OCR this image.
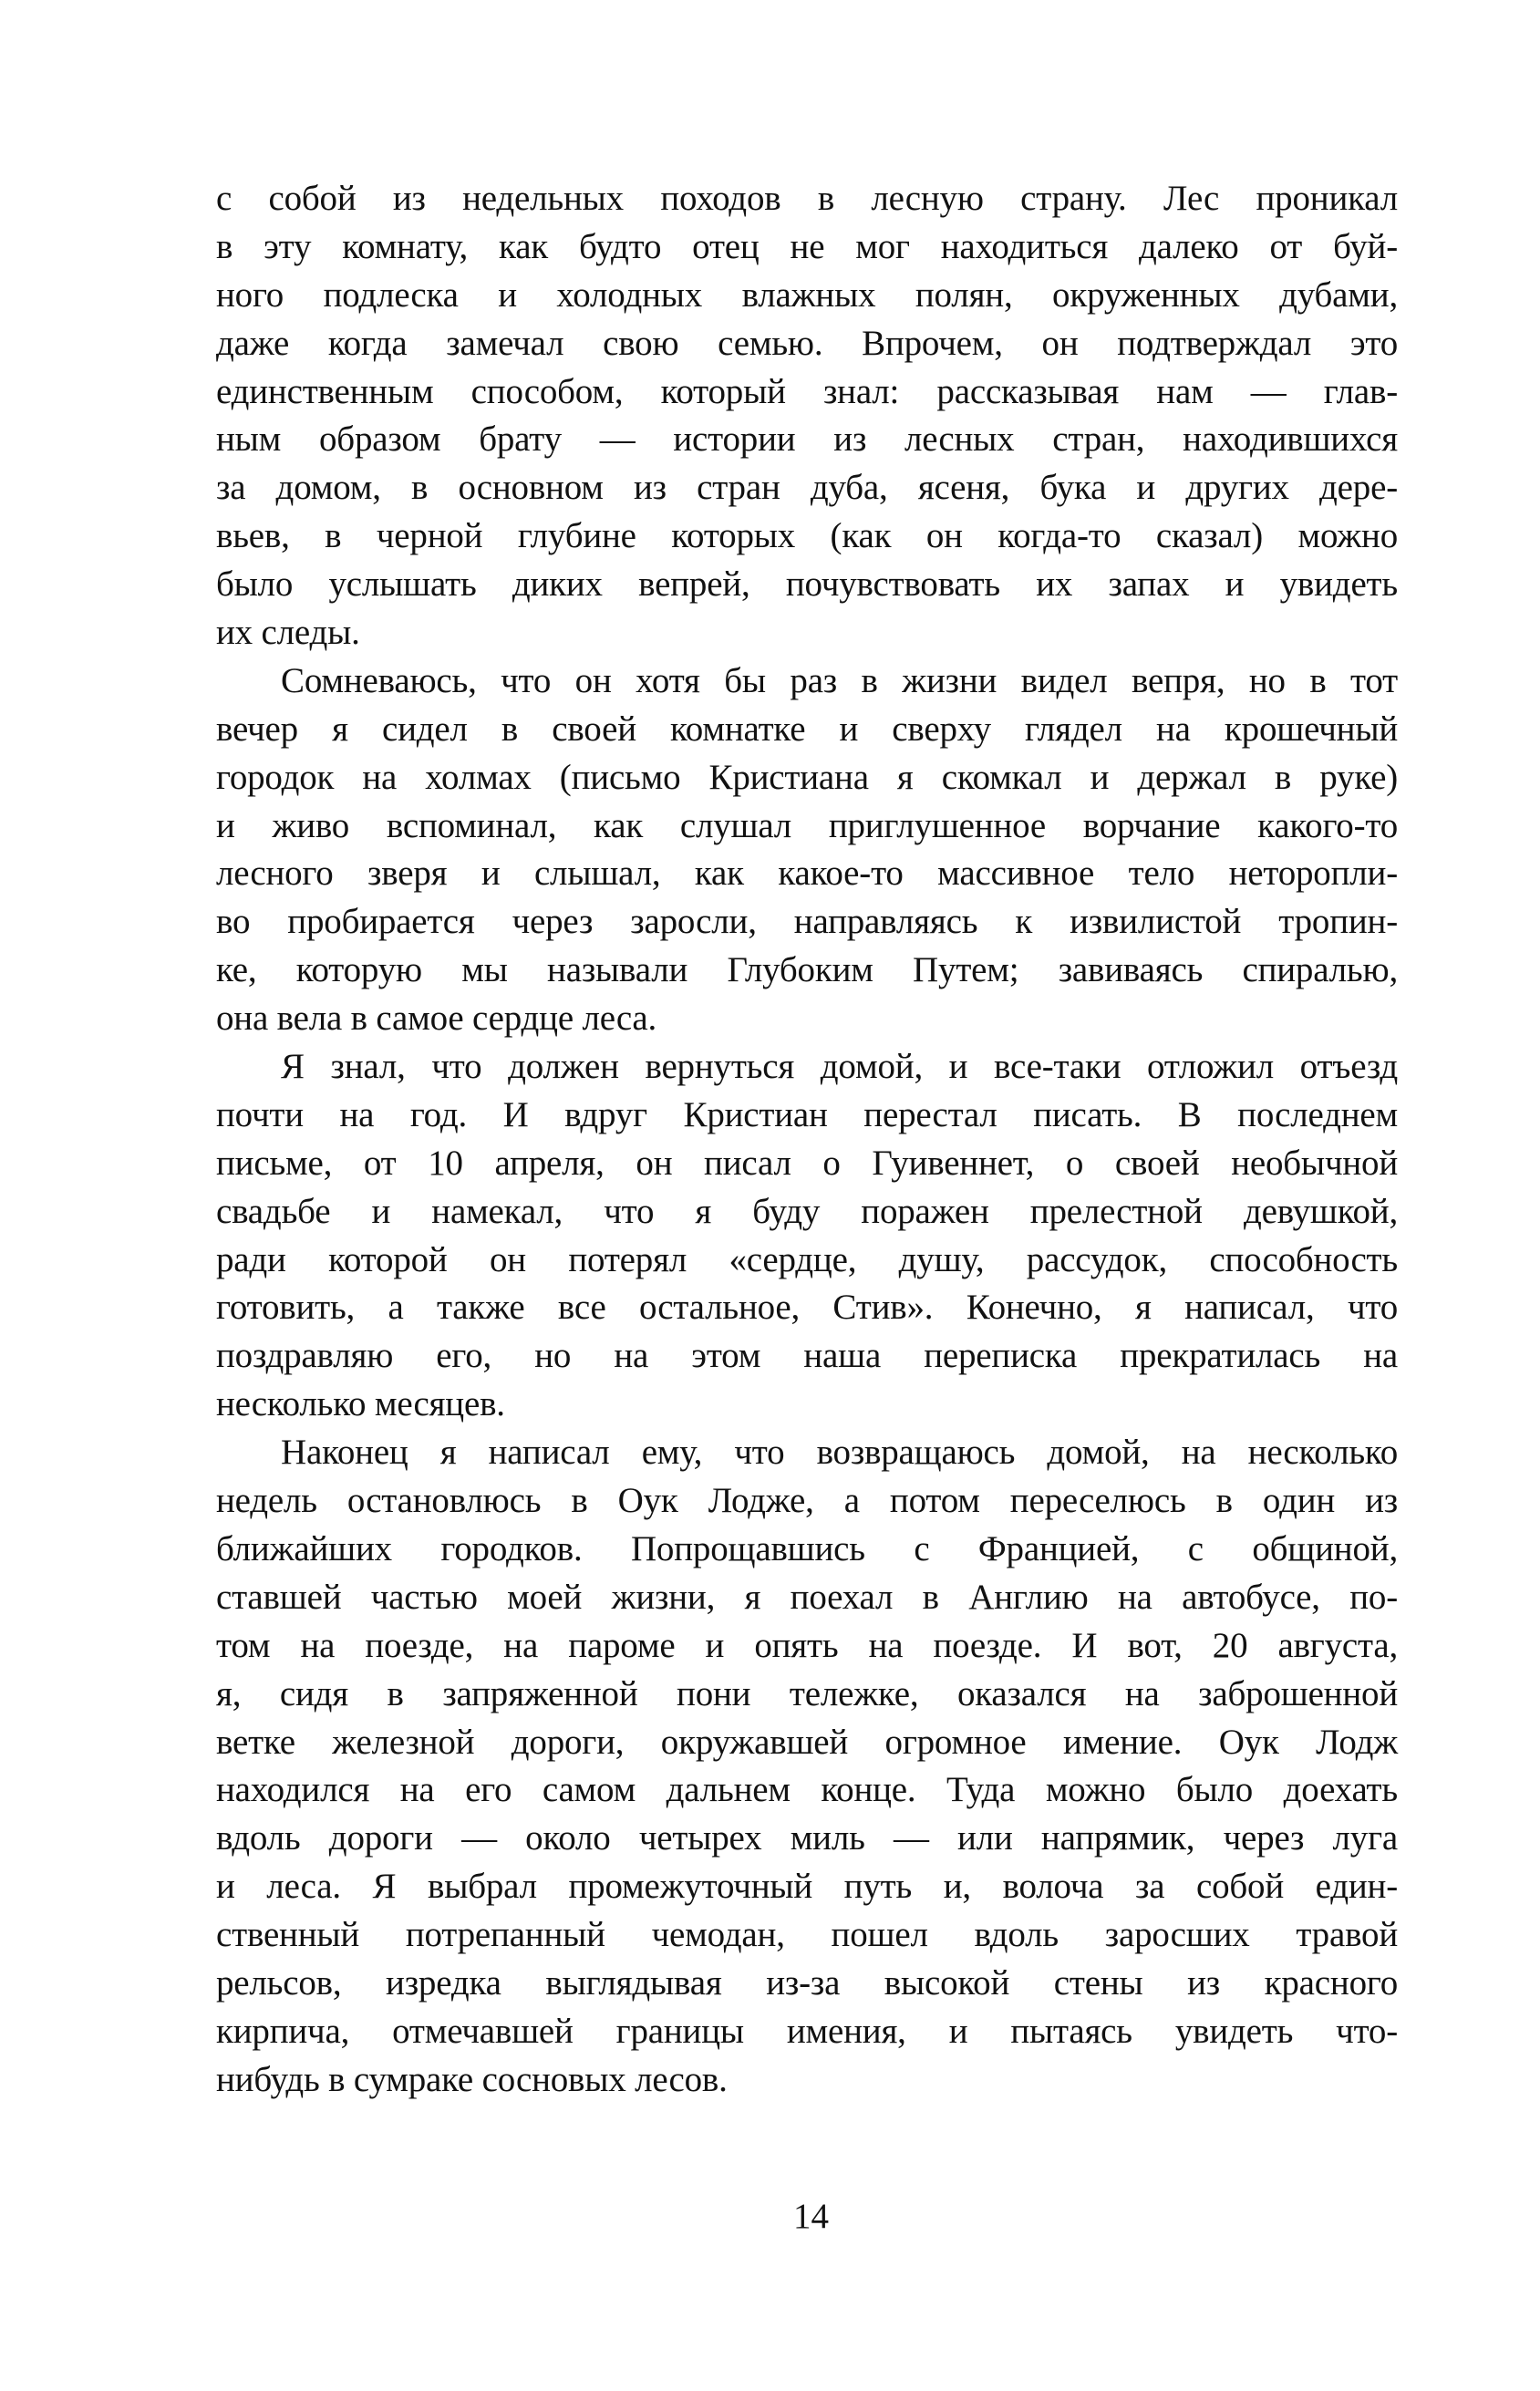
с собой из недельных походов в лесную страну. Лес проникал
в эту комнату, как будто отец не мог находиться далеко от буй-
ного подлеска и холодных влажных полян, окруженных дубами,
даже когда замечал свою семью. Впрочем, он подтверждал это
единственным способом, который знал: рассказывая нам — глав-
ным образом брату — истории из лесных стран, находившихся
за домом, в основном из стран дуба, ясеня, бука и других дере-
вьев, в черной глубине которых (как он когда-то сказал) можно
было услышать диких вепрей, почувствовать их запах и увидеть
их следы.
Сомневаюсь, что он хотя бы раз в жизни видел вепря, но в тот
вечер я сидел в своей комнатке и сверху глядел на крошечный
городок на холмах (письмо Кристиана я скомкал и держал в руке)
и живо вспоминал, как слушал приглушенное ворчание какого-то
лесного зверя и слышал, как какое-то массивное тело неторопли-
во пробирается через заросли, направляясь к извилистой тропин-
ке, которую мы называли Глубоким Путем; завиваясь спиралью,
она вела в самое сердце леса.
Я знал, что должен вернуться домой, и все-таки отложил отъезд
почти на год. И вдруг Кристиан перестал писать. В последнем
письме, от 10 апреля, он писал о Гуивеннет, о своей необычной
свадьбе и намекал, что я буду поражен прелестной девушкой,
ради которой он потерял «сердце, душу, рассудок, способность
готовить, а также все остальное, Стив». Конечно, я написал, что
поздравляю его, но на этом наша переписка прекратилась на
несколько месяцев.
Наконец я написал ему, что возвращаюсь домой, на несколько
недель остановлюсь в Оук Лодже, а потом переселюсь в один из
ближайших городков. Попрощавшись с Францией, с общиной,
ставшей частью моей жизни, я поехал в Англию на автобусе, по-
том на поезде, на пароме и опять на поезде. И вот, 20 августа,
я, сидя в запряженной пони тележке, оказался на заброшенной
ветке железной дороги, окружавшей огромное имение. Оук Лодж
находился на его самом дальнем конце. Туда можно было доехать
вдоль дороги — около четырех миль — или напрямик, через луга
и леса. Я выбрал промежуточный путь и, волоча за собой един-
ственный потрепанный чемодан, пошел вдоль заросших травой
рельсов, изредка выглядывая из-за высокой стены из красного
кирпича, отмечавшей границы имения, и пытаясь увидеть что-
нибудь в сумраке сосновых лесов.
14
